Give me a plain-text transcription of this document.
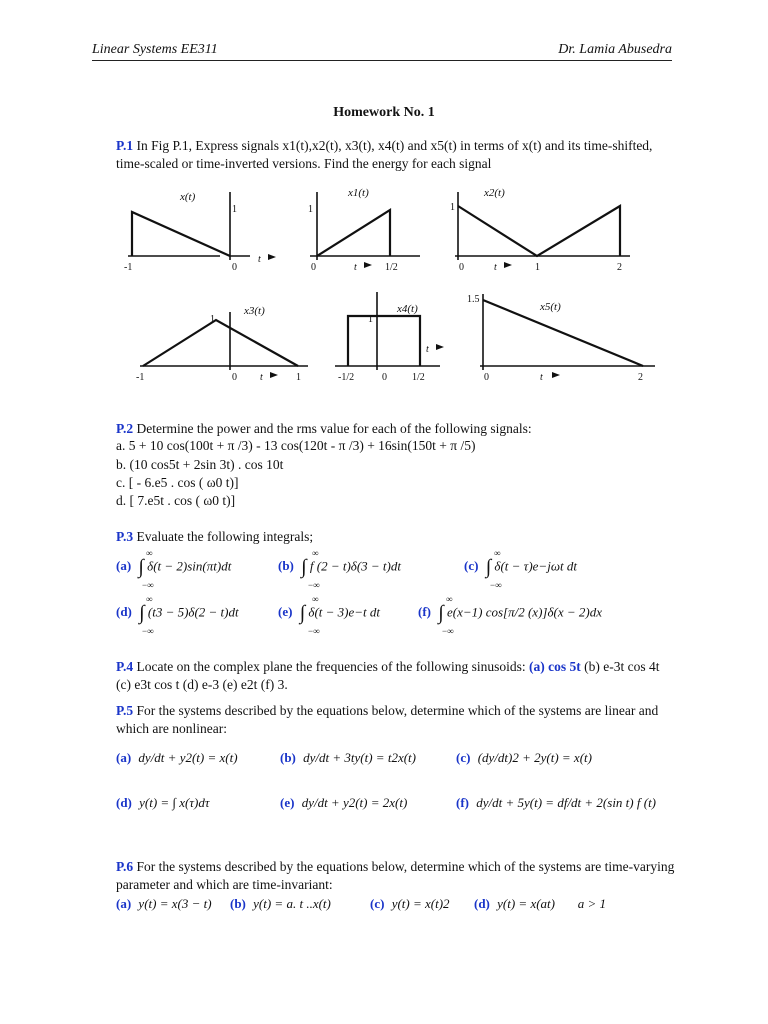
Linear Systems EE311	Dr. Lamia Abusedra
Homework No. 1
P.1 In Fig P.1, Express signals x1(t),x2(t), x3(t), x4(t) and x5(t) in terms of x(t) and its time-shifted, time-scaled or time-inverted versions. Find the energy for each signal
x(t)	x1(t)	x2(t)
x3(t)	x4(t)	x5(t)
-1	0
1	1
0	1/2
1
0	1	2
1
-1	0	1
1
-1/2	0	1/2
1.5
0	2
t
t	t
t
t
t
P.2 Determine the power and the rms value for each of the following signals:
a. 5 + 10 cos(100t + π /3) - 13 cos(120t - π /3) + 16sin(150t + π /5)
b. (10 cos5t + 2sin 3t) . cos 10t
c. [ - 6.e5 . cos ( ω0 t)]
d. [ 7.e5t . cos ( ω0 t)]
P.3 Evaluate the following integrals;
(a) ∫ δ(t − 2)sin(πt)dt	(b) ∫ f (2 − t)δ(3 − t)dt	(c) ∫ δ(t − τ)e−jωt dt
(d) ∫ (t3 − 5)δ(2 − t)dt	(e) ∫ δ(t − 3)e−t dt	(f) ∫ e(x−1) cos[π/2 (x)]δ(x − 2)dx
∞
−∞
∞
−∞
∞
−∞
∞
−∞
∞
−∞
∞
−∞
P.4 Locate on the complex plane the frequencies of the following sinusoids: (a) cos 5t (b) e-3t cos 4t (c) e3t cos t (d) e-3 (e) e2t (f) 3.
P.5 For the systems described by the equations below, determine which of the systems are linear and which are nonlinear:
(a) dy/dt + y2(t) = x(t)	(b) dy/dt + 3ty(t) = t2x(t)	(c) (dy/dt)2 + 2y(t) = x(t)
(d) y(t) = ∫ x(τ)dτ	(e) dy/dt + y2(t) = 2x(t)	(f) dy/dt + 5y(t) = df/dt + 2(sin t) f (t)
P.6 For the systems described by the equations below, determine which of the systems are time-varying parameter and which are time-invariant:
(a) y(t) = x(3 − t) (b) y(t) = a. t ..x(t)	(c) y(t) = x(t)2 (d) y(t) = x(at)       a > 1
